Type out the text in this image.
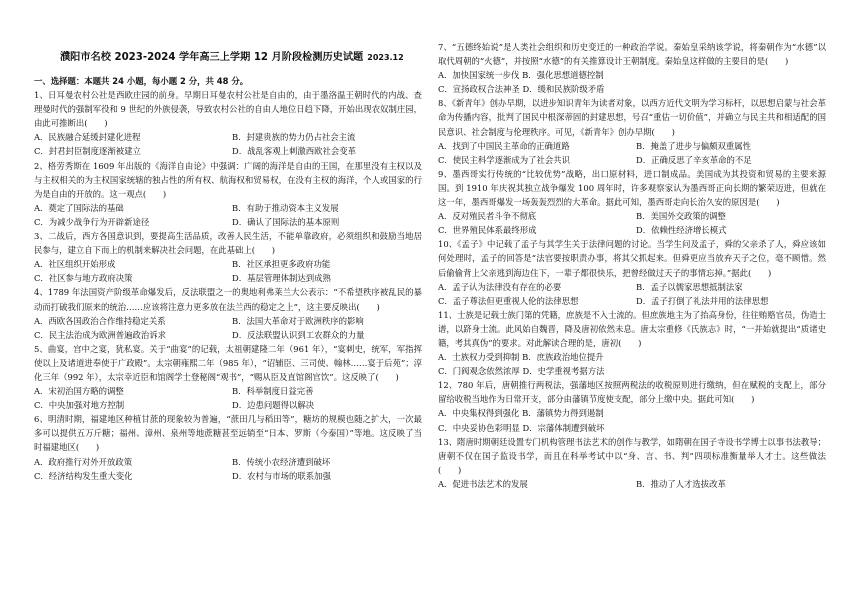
濮阳市名校 2023-2024 学年高三上学期 12 月阶段检测历史试题 2023.12
一、选择题：本题共 24 小题，每小题 2 分，共 48 分。

1、日耳曼农村公社是西欧庄园的前身。早期日耳曼农村公社是自由的，由于墨洛温王朝时代的内战、查理曼时代的强制军役和 9 世纪的外族侵袭，导致农村公社的自由人地位日趋下降，开始出现农奴制庄园，由此可推断出(　　)

A．民族融合延缓封建化进程	B．封建贵族的势力仍占社会主流
C．封君封臣制度逐渐被建立	D．战乱客观上刺激西欧社会变革

2、格劳秀斯在 1609 年出版的《海洋自由论》中强调：广阔的海洋是自由的王国，在那里没有主权以及与主权相关的为主权国家统辖的独占性的所有权、航海权和贸易权，在没有主权的海洋，个人或国家的行为是自由的开放的。这一观点(　　)

A．奠定了国际法的基础	B．有助于推动资本主义发展
C．为减少战争行为开辟新途径	D．确认了国际法的基本原则

3、二战后，西方各国意识到，要提高生活品质，改善人民生活，不能单靠政府，必须组织和鼓励当地居民参与，建立自下而上的机制来解决社会问题，在此基础上(　　)

A．社区组织开始形成	B．社区承担更多政府功能
C．社区参与地方政府决策	D．基层管理体制达到成熟

4、1789 年法国资产阶级革命爆发后，反法联盟之一的奥地利弗莱兰大公表示：“不希望秩序被乱民的暴动而打破我们原来的统治……应该将注意力更多放在法兰西的稳定之上”，这主要反映出(　　)

A．西欧各国政治合作维持稳定关系	B．法国大革命对于欧洲秩序的影响
C．民主法治成为欧洲普遍政治诉求	D．反法联盟认识到工农群众的力量

5、曲宴，宫中之宴，犹私宴。关于“曲宴”的记载，太祖朝建隆二年（961 年），“宴刺史，统军，军指挥使以上及诸道进奉使于广政殿”。太宗朝雍熙二年（985 年），“诏辅臣、三司使、翰林……宴于后苑”；淳化三年（992 年），太宗幸近臣和馆阁学士登秘阁“观书”，“赐从臣及直馆阁官饮”。这反映了(　　)

A．宋初治国方略的调整	B．科举制度日益完善
C．中央加强对地方控制	D．边患问题得以解决

6、明清时期，福建地区种植甘蔗的现象较为普遍，“蔗田几与稻田等”，糖坊的规模也随之扩大，一次最多可以提供五万斤糖；福州、漳州、泉州等地蔗糖甚至远销至“日本、罗斯（今泰国）”等地。这反映了当时福建地区(　　)

A．政府推行对外开放政策	B．传统小农经济遭到破坏
C．经济结构发生重大变化	D．农村与市场的联系加强

7、“五德终始说”是人类社会组织和历史变迁的一种政治学说。秦始皇采纳该学说，将秦朝作为“水德”以取代周朝的“火德”，并按照“水德”的有关推算设计王朝制度。秦始皇这样做的主要目的是(　　)

A．加快国家统一步伐 B．强化思想道德控制
C．宣扬政权合法神圣 D．缓和民族阶级矛盾

8、《新青年》创办早期，以进步知识青年为读者对象，以西方近代文明为学习标杆，以思想启蒙与社会革命为传播内容，批判了国民中根深蒂固的封建思想，号召“重估一切价值”，并确立与民主共和相适配的国民意识、社会制度与伦理秩序。可见，《新青年》创办早期(　　)

A．找到了中国民主革命的正确道路	B．掩盖了进步与偏颇双重属性
C．使民主科学逐渐成为了社会共识	D．正确反思了辛亥革命的不足

9、墨西哥实行传统的“比较优势”战略，出口原材料，进口制成品。美国成为其投资和贸易的主要来源国。到 1910 年庆祝其独立战争爆发 100 周年时，许多观察家认为墨西哥正向长期的繁荣迈进，但就在这一年，墨西哥爆发一场轰轰烈烈的大革命。据此可知，墨西哥走向长治久安的原因是(　　)

A．反对殖民者斗争不彻底	B．美国外交政策的调整
C．世界殖民体系最终形成	D．依赖性经济增长模式

10、《孟子》中记载了孟子与其学生关于法律问题的讨论。当学生问及孟子，舜的父亲杀了人，舜应该如何处理时，孟子的回答是“法官要按职责办事，将其父抓起来。但舜更应当放弃天子之位，毫不顾惜。然后偷偷背上父亲逃到海边住下，一辈子都很快乐，把曾经做过天子的事情忘掉。”据此(　　)

A．孟子认为法律没有存在的必要	B．孟子以儒家思想抵制法家
C．孟子尊法但更重视人伦的法律思想	D．孟子打倒了礼法并用的法律思想

11、士族是记载士族门第的凭籍，庶族是不入士流的。但庶族地主为了抬高身份，往往贿赂官员，伪造士谱，以跻身士流。此风始自魏晋，降及唐初依然未息。唐太宗重修《氏族志》时，“一并始就提出“质诸史籍，考其真伪”的要求。对此解读合理的是，唐初(　　)

A．士族权力受到抑制 B．庶族政治地位提升
C．门阀观念依然浓厚 D．史学重视考据方法

12、780 年后，唐朝推行两税法，强藩地区按照两税法的收税原则进行缴纳，但在赋税的支配上，部分留给收税当地作为日常开支，部分由藩镇节度使支配，部分上缴中央。据此可知(　　)

A．中央集权得到强化 B．藩镇势力得到遏制
C．中央妥协色彩明显 D．宗藩体制遭到破坏

13、隋唐时期朝廷设置专门机构管理书法艺术的创作与教学，如隋朝在国子寺设书学博士以事书法教导；唐朝不仅在国子监设书学，而且在科举考试中以“身、言、书、判”四项标准衡量举人才士。这些做法(　　)

A．促进书法艺术的发展	B．推动了人才选拔改革
